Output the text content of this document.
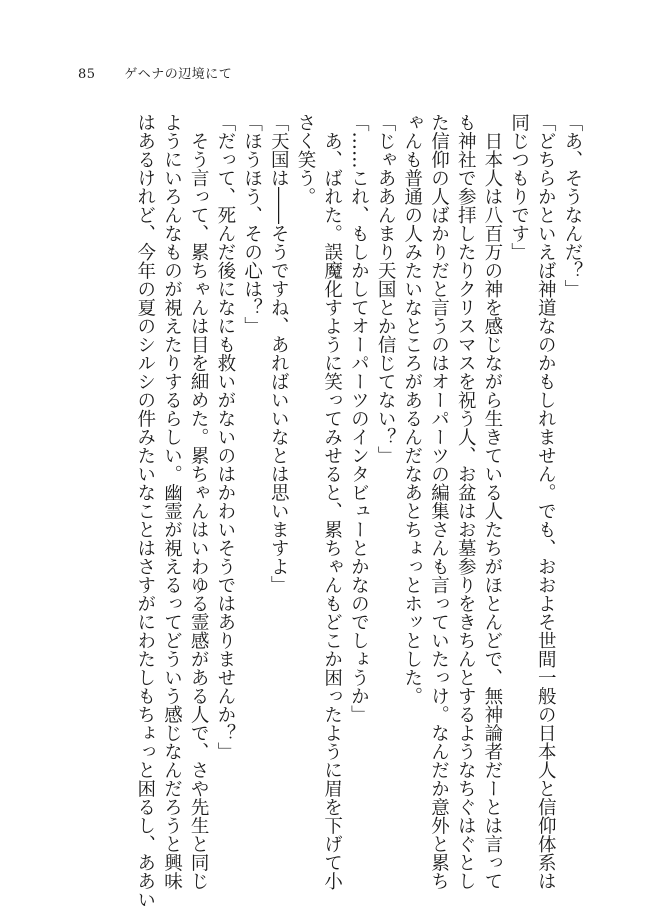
85 ゲヘナの辺境にて
「あ、そうなんだ？」
「どちらかといえば神道なのかもしれません。でも、おおよそ世間一般の日本人と信仰体系は
同じつもりです」
　日本人は八百万の神を感じながら生きている人たちがほとんどで、無神論者だーとは言って
も神社で参拝したりクリスマスを祝う人、お盆はお墓参りをきちんとするようなちぐはぐとし
た信仰の人ばかりだと言うのはオーパーツの編集さんも言っていたっけ。なんだか意外と累ち
ゃんも普通の人みたいなところがあるんだなあとちょっとホッとした。
「じゃああんまり天国とか信じてない？」
「……これ、もしかしてオーパーツのインタビューとかなのでしょうか」
　あ、ばれた。誤魔化すように笑ってみせると、累ちゃんもどこか困ったように眉を下げて小
さく笑う。
「天国は――そうですね、あればいいなとは思いますよ」
「ほうほう、その心は？」
「だって、死んだ後になにも救いがないのはかわいそうではありませんか？」
　そう言って、累ちゃんは目を細めた。累ちゃんはいわゆる霊感がある人で、さや先生と同じ
ようにいろんなものが視えたりするらしい。幽霊が視えるってどういう感じなんだろうと興味
はあるけれど、今年の夏のシルシの件みたいなことはさすがにわたしもちょっと困るし、ああい
